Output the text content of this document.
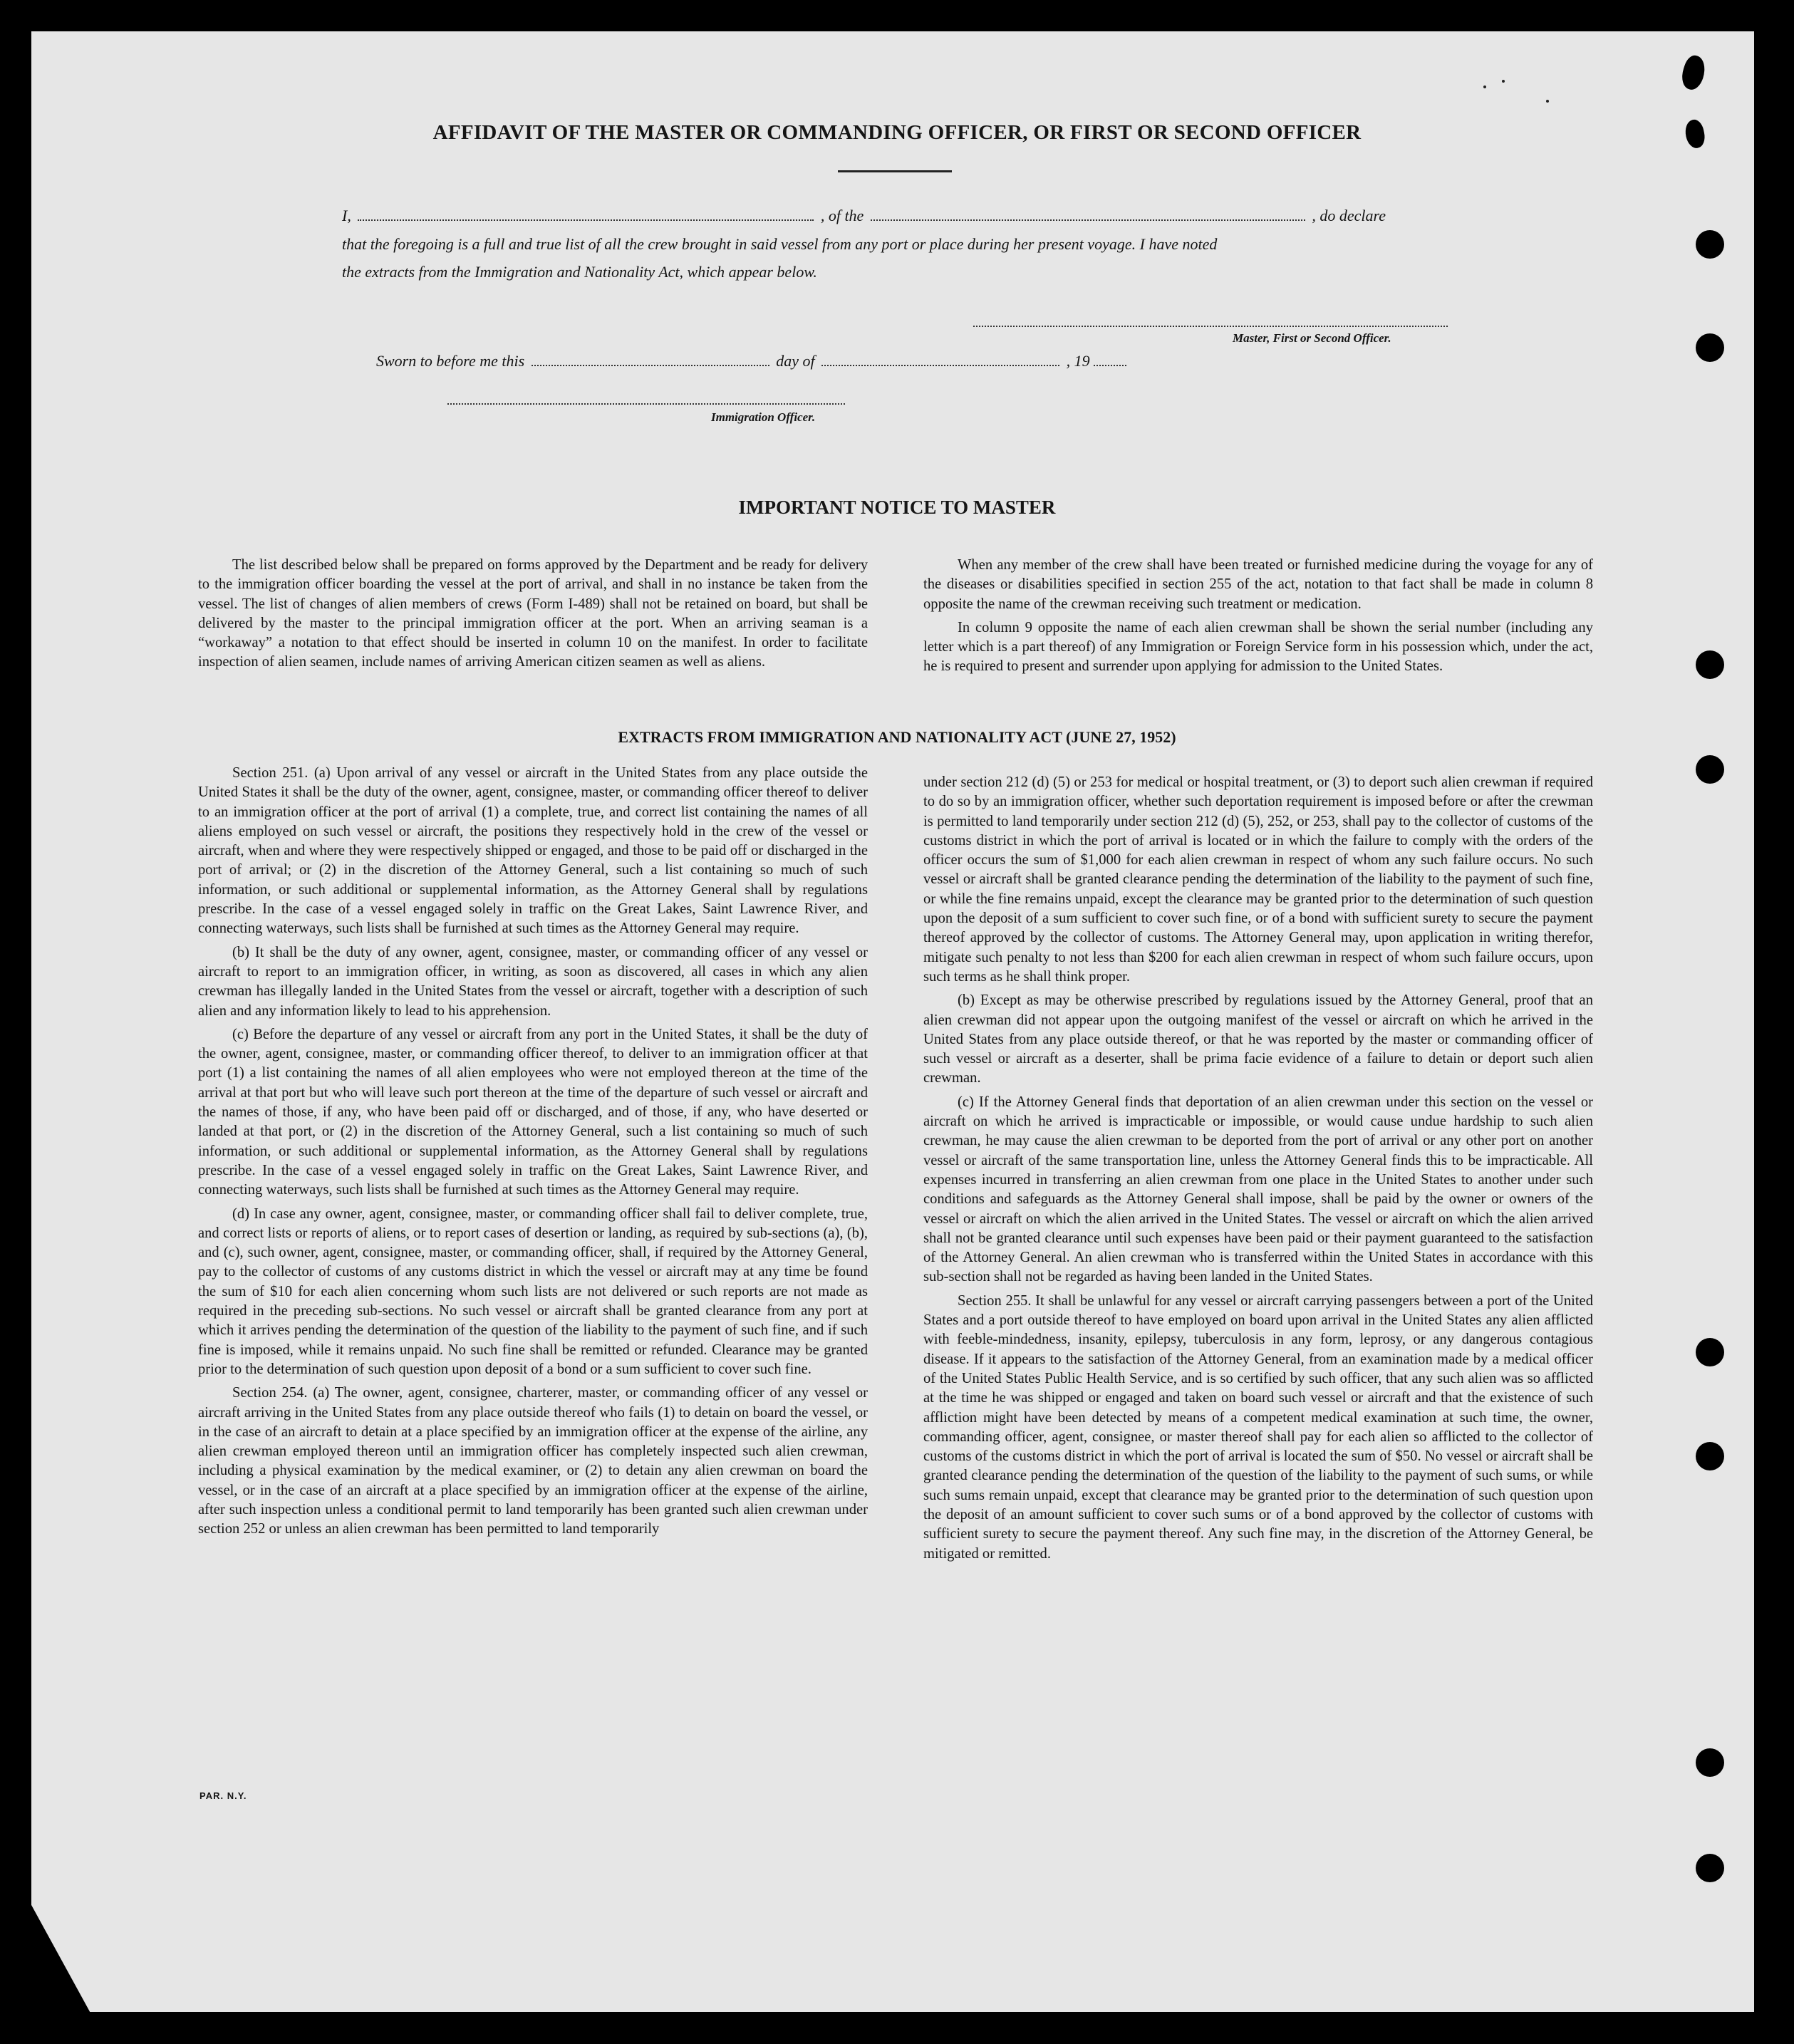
AFFIDAVIT OF THE MASTER OR COMMANDING OFFICER, OR FIRST OR SECOND OFFICER
I,	, of the	, do declare
that the foregoing is a full and true list of all the crew brought in said vessel from any port or place during her present voyage. I have noted
the extracts from the Immigration and Nationality Act, which appear below.
Master, First or Second Officer.
Sworn to before me this	day of	, 19
Immigration Officer.
IMPORTANT NOTICE TO MASTER

The list described below shall be prepared on forms approved by the Department and be ready for delivery to the immigration officer boarding the vessel at the port of arrival, and shall in no instance be taken from the vessel. The list of changes of alien members of crews (Form I-489) shall not be retained on board, but shall be delivered by the master to the principal immigration officer at the port. When an arriving seaman is a “workaway” a notation to that effect should be inserted in column 10 on the manifest. In order to facilitate inspection of alien seamen, include names of arriving American citizen seamen as well as aliens.

When any member of the crew shall have been treated or furnished medicine during the voyage for any of the diseases or disabilities specified in section 255 of the act, notation to that fact shall be made in column 8 opposite the name of the crewman receiving such treatment or medication.

In column 9 opposite the name of each alien crewman shall be shown the serial number (including any letter which is a part thereof) of any Immigration or Foreign Service form in his possession which, under the act, he is required to present and surrender upon applying for admission to the United States.

EXTRACTS FROM IMMIGRATION AND NATIONALITY ACT (JUNE 27, 1952)

Section 251. (a) Upon arrival of any vessel or aircraft in the United States from any place outside the United States it shall be the duty of the owner, agent, consignee, master, or commanding officer thereof to deliver to an immigration officer at the port of arrival (1) a complete, true, and correct list containing the names of all aliens employed on such vessel or aircraft, the positions they respectively hold in the crew of the vessel or aircraft, when and where they were respectively shipped or engaged, and those to be paid off or discharged in the port of arrival; or (2) in the discretion of the Attorney General, such a list containing so much of such information, or such additional or supplemental information, as the Attorney General shall by regulations prescribe. In the case of a vessel engaged solely in traffic on the Great Lakes, Saint Lawrence River, and connecting waterways, such lists shall be furnished at such times as the Attorney General may require.

(b) It shall be the duty of any owner, agent, consignee, master, or commanding officer of any vessel or aircraft to report to an immigration officer, in writing, as soon as discovered, all cases in which any alien crewman has illegally landed in the United States from the vessel or aircraft, together with a description of such alien and any information likely to lead to his apprehension.

(c) Before the departure of any vessel or aircraft from any port in the United States, it shall be the duty of the owner, agent, consignee, master, or commanding officer thereof, to deliver to an immigration officer at that port (1) a list containing the names of all alien employees who were not employed thereon at the time of the arrival at that port but who will leave such port thereon at the time of the departure of such vessel or aircraft and the names of those, if any, who have been paid off or discharged, and of those, if any, who have deserted or landed at that port, or (2) in the discretion of the Attorney General, such a list containing so much of such information, or such additional or supplemental information, as the Attorney General shall by regulations prescribe. In the case of a vessel engaged solely in traffic on the Great Lakes, Saint Lawrence River, and connecting waterways, such lists shall be furnished at such times as the Attorney General may require.

(d) In case any owner, agent, consignee, master, or commanding officer shall fail to deliver complete, true, and correct lists or reports of aliens, or to report cases of desertion or landing, as required by sub-sections (a), (b), and (c), such owner, agent, consignee, master, or commanding officer, shall, if required by the Attorney General, pay to the collector of customs of any customs district in which the vessel or aircraft may at any time be found the sum of $10 for each alien concerning whom such lists are not delivered or such reports are not made as required in the preceding sub-sections. No such vessel or aircraft shall be granted clearance from any port at which it arrives pending the determination of the question of the liability to the payment of such fine, and if such fine is imposed, while it remains unpaid. No such fine shall be remitted or refunded. Clearance may be granted prior to the determination of such question upon deposit of a bond or a sum sufficient to cover such fine.

Section 254. (a) The owner, agent, consignee, charterer, master, or commanding officer of any vessel or aircraft arriving in the United States from any place outside thereof who fails (1) to detain on board the vessel, or in the case of an aircraft to detain at a place specified by an immigration officer at the expense of the airline, any alien crewman employed thereon until an immigration officer has completely inspected such alien crewman, including a physical examination by the medical examiner, or (2) to detain any alien crewman on board the vessel, or in the case of an aircraft at a place specified by an immigration officer at the expense of the airline, after such inspection unless a conditional permit to land temporarily has been granted such alien crewman under section 252 or unless an alien crewman has been permitted to land temporarily

under section 212 (d) (5) or 253 for medical or hospital treatment, or (3) to deport such alien crewman if required to do so by an immigration officer, whether such deportation requirement is imposed before or after the crewman is permitted to land temporarily under section 212 (d) (5), 252, or 253, shall pay to the collector of customs of the customs district in which the port of arrival is located or in which the failure to comply with the orders of the officer occurs the sum of $1,000 for each alien crewman in respect of whom any such failure occurs. No such vessel or aircraft shall be granted clearance pending the determination of the liability to the payment of such fine, or while the fine remains unpaid, except the clearance may be granted prior to the determination of such question upon the deposit of a sum sufficient to cover such fine, or of a bond with sufficient surety to secure the payment thereof approved by the collector of customs. The Attorney General may, upon application in writing therefor, mitigate such penalty to not less than $200 for each alien crewman in respect of whom such failure occurs, upon such terms as he shall think proper.

(b) Except as may be otherwise prescribed by regulations issued by the Attorney General, proof that an alien crewman did not appear upon the outgoing manifest of the vessel or aircraft on which he arrived in the United States from any place outside thereof, or that he was reported by the master or commanding officer of such vessel or aircraft as a deserter, shall be prima facie evidence of a failure to detain or deport such alien crewman.

(c) If the Attorney General finds that deportation of an alien crewman under this section on the vessel or aircraft on which he arrived is impracticable or impossible, or would cause undue hardship to such alien crewman, he may cause the alien crewman to be deported from the port of arrival or any other port on another vessel or aircraft of the same transportation line, unless the Attorney General finds this to be impracticable. All expenses incurred in transferring an alien crewman from one place in the United States to another under such conditions and safeguards as the Attorney General shall impose, shall be paid by the owner or owners of the vessel or aircraft on which the alien arrived in the United States. The vessel or aircraft on which the alien arrived shall not be granted clearance until such expenses have been paid or their payment guaranteed to the satisfaction of the Attorney General. An alien crewman who is transferred within the United States in accordance with this sub-section shall not be regarded as having been landed in the United States.

Section 255. It shall be unlawful for any vessel or aircraft carrying passengers between a port of the United States and a port outside thereof to have employed on board upon arrival in the United States any alien afflicted with feeble-mindedness, insanity, epilepsy, tuberculosis in any form, leprosy, or any dangerous contagious disease. If it appears to the satisfaction of the Attorney General, from an examination made by a medical officer of the United States Public Health Service, and is so certified by such officer, that any such alien was so afflicted at the time he was shipped or engaged and taken on board such vessel or aircraft and that the existence of such affliction might have been detected by means of a competent medical examination at such time, the owner, commanding officer, agent, consignee, or master thereof shall pay for each alien so afflicted to the collector of customs of the customs district in which the port of arrival is located the sum of $50. No vessel or aircraft shall be granted clearance pending the determination of the question of the liability to the payment of such sums, or while such sums remain unpaid, except that clearance may be granted prior to the determination of such question upon the deposit of an amount sufficient to cover such sums or of a bond approved by the collector of customs with sufficient surety to secure the payment thereof. Any such fine may, in the discretion of the Attorney General, be mitigated or remitted.

PAR. N.Y.
